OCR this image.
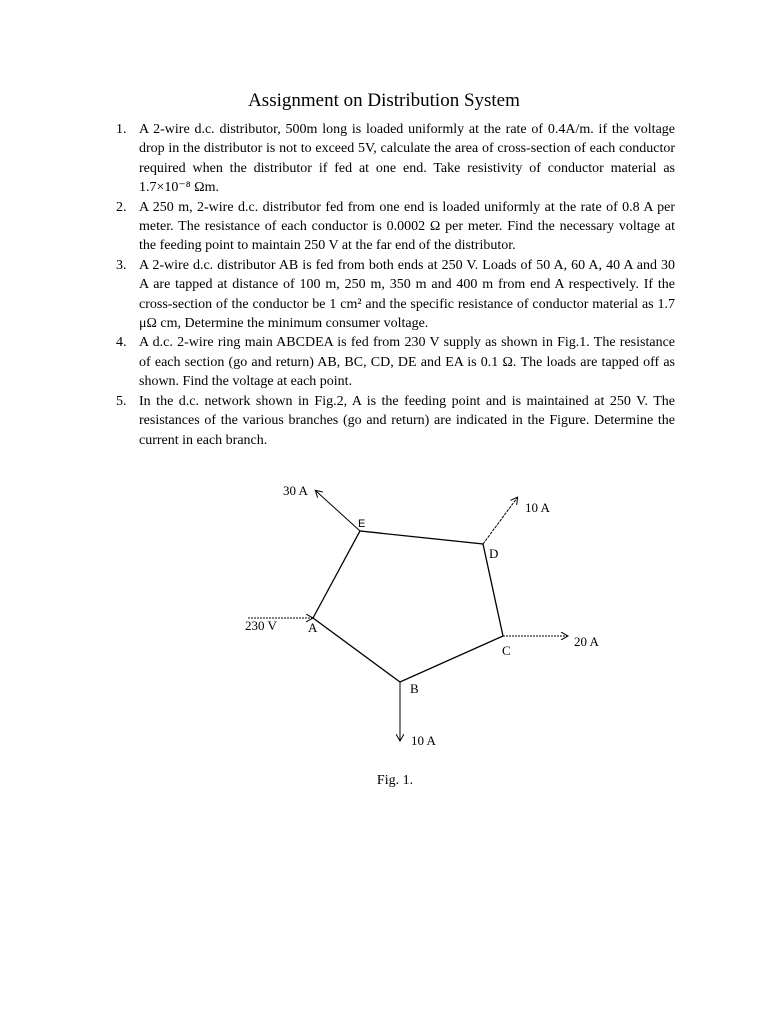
Assignment on Distribution System
1. A 2-wire d.c. distributor, 500m long is loaded uniformly at the rate of 0.4A/m. if the voltage drop in the distributor is not to exceed 5V, calculate the area of cross-section of each conductor required when the distributor if fed at one end. Take resistivity of conductor material as 1.7×10⁻⁸ Ωm.
2. A 250 m, 2-wire d.c. distributor fed from one end is loaded uniformly at the rate of 0.8 A per meter. The resistance of each conductor is 0.0002 Ω per meter. Find the necessary voltage at the feeding point to maintain 250 V at the far end of the distributor.
3. A 2-wire d.c. distributor AB is fed from both ends at 250 V. Loads of 50 A, 60 A, 40 A and 30 A are tapped at distance of 100 m, 250 m, 350 m and 400 m from end A respectively. If the cross-section of the conductor be 1 cm² and the specific resistance of conductor material as 1.7 μΩ cm, Determine the minimum consumer voltage.
4. A d.c. 2-wire ring main ABCDEA is fed from 230 V supply as shown in Fig.1. The resistance of each section (go and return) AB, BC, CD, DE and EA is 0.1 Ω. The loads are tapped off as shown. Find the voltage at each point.
5. In the d.c. network shown in Fig.2, A is the feeding point and is maintained at 250 V. The resistances of the various branches (go and return) are indicated in the Figure. Determine the current in each branch.
A
B
C
D
E
230 V
30 A
10 A
20 A
10 A
Fig. 1.
